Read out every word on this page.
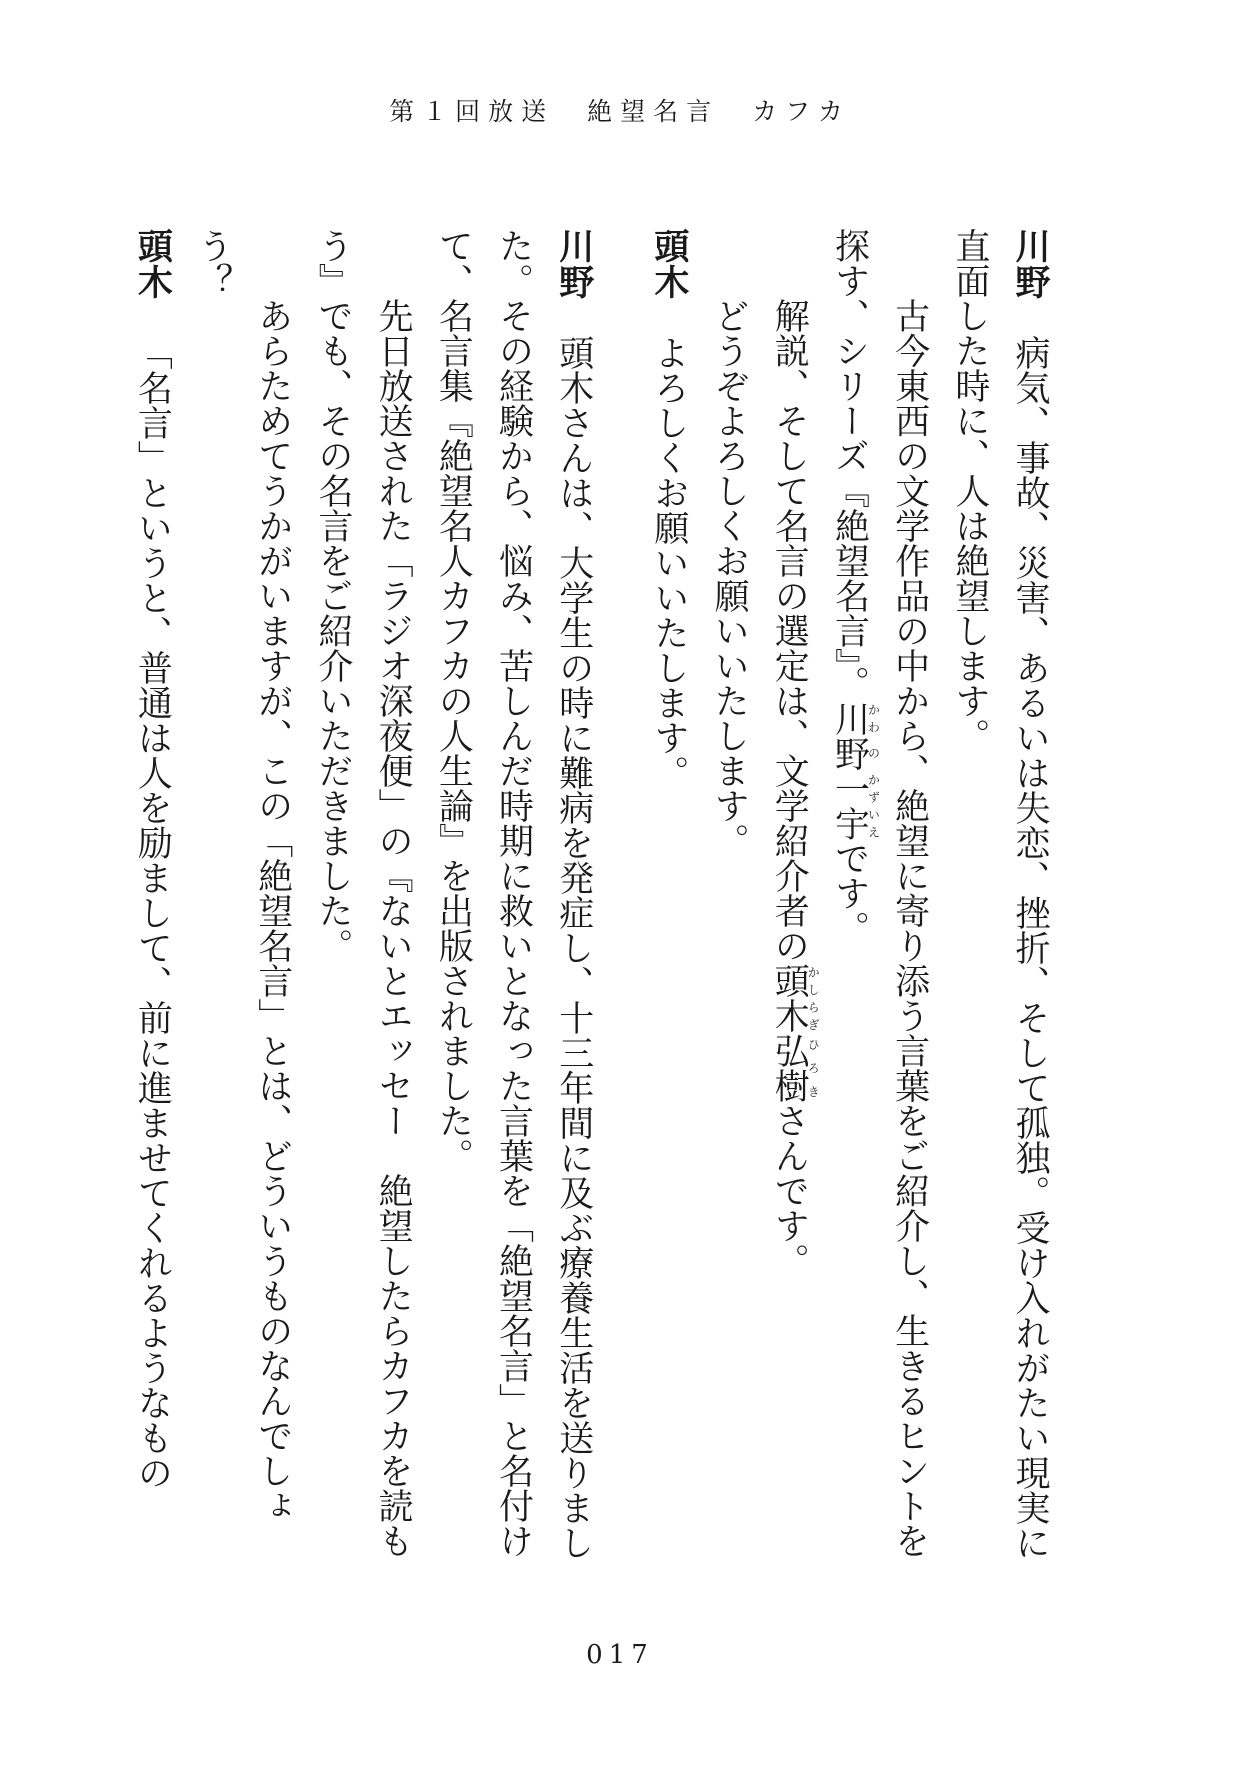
第１回放送　絶望名言　カフカ

川野病気、事故、災害、あるいは失恋、挫折、そして孤独。受け入れがたい現実に直面した時に、人は絶望します。

古今東西の文学作品の中から、絶望に寄り添う言葉をご紹介し、生きるヒントを探す、シリーズ『絶望名言』。川かわ野の一宇かずいえです。

解説、そして名言の選定は、文学紹介者の頭木かしらぎ弘樹ひろきさんです。

どうぞよろしくお願いいたします。

頭木よろしくお願いいたします。

川野頭木さんは、大学生の時に難病を発症し、十三年間に及ぶ療養生活を送りました。その経験から、悩み、苦しんだ時期に救いとなった言葉を「絶望名言」と名付けて、名言集『絶望名人カフカの人生論』を出版されました。

先日放送された「ラジオ深夜便」の『ないとエッセー　絶望したらカフカを読もう』でも、その名言をご紹介いただきました。

あらためてうかがいますが、この「絶望名言」とは、どういうものなんでしょう？

頭木「名言」というと、普通は人を励まして、前に進ませてくれるようなもの

017
